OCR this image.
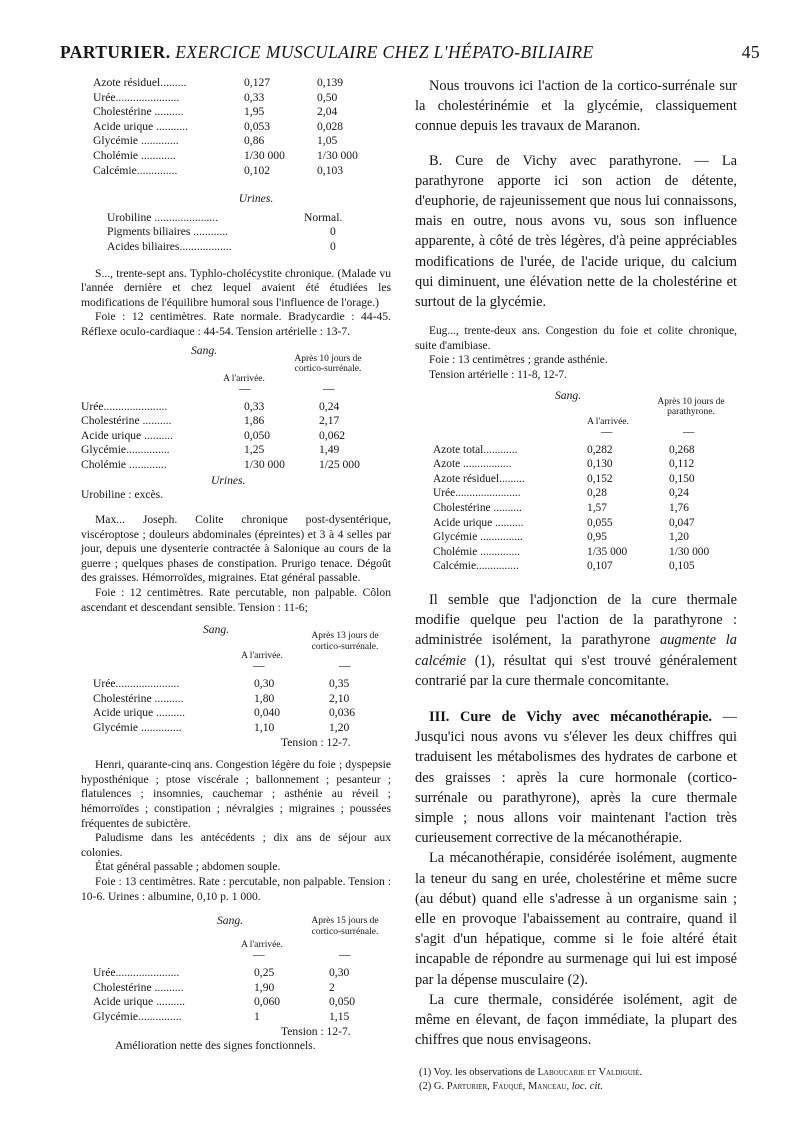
PARTURIER. EXERCICE MUSCULAIRE CHEZ L'HÉPATO-BILIAIRE	45
Azote résiduel.........	0,127	0,139
Urée......................	0,33	0,50
Cholestérine ..........	1,95	2,04
Acide urique ...........	0,053	0,028
Glycémie .............	0,86	1,05
Cholémie ............	1/30 000	1/30 000
Calcémie..............	0,102	0,103
Urines.
Urobiline ......................	Normal.
Pigments biliaires ............	0
Acides biliaires..................	0

S..., trente-sept ans. Typhlo-cholécystite chronique. (Malade vu l'année dernière et chez lequel avaient été étudiées les modifications de l'équilibre humoral sous l'influence de l'orage.)

Foie : 12 centimètres. Rate normale. Bradycardie : 44-45. Réflexe oculo-cardiaque : 44-54. Tension artérielle : 13-7.

Sang.
A l'arrivée.
Après 10 jours de cortico-surrénale.
—	—
Urée......................	0,33	0,24
Cholestérine ..........	1,86	2,17
Acide urique ..........	0,050	0,062
Glycémie...............	1,25	1,49
Cholémie .............	1/30 000	1/25 000
Urines.
Urobiline : excès.

Max... Joseph. Colite chronique post-dysentérique, viscéroptose ; douleurs abdominales (épreintes) et 3 à 4 selles par jour, depuis une dysenterie contractée à Salonique au cours de la guerre ; quelques phases de constipation. Prurigo tenace. Dégoût des graisses. Hémorroïdes, migraines. Etat général passable.

Foie : 12 centimètres. Rate percutable, non palpable. Côlon ascendant et descendant sensible. Tension : 11-6;

Sang.
A l'arrivée.
Après 13 jours de cortico-surrénale.
—	—
Urée......................	0,30	0,35
Cholestérine ..........	1,80	2,10
Acide urique ..........	0,040	0,036
Glycémie ..............	1,10	1,20
Tension : 12-7.

Henri, quarante-cinq ans. Congestion légère du foie ; dyspepsie hyposthénique ; ptose viscérale ; ballonnement ; pesanteur ; flatulences ; insomnies, cauchemar ; asthénie au réveil ; hémorroïdes ; constipation ; névralgies ; migraines ; poussées fréquentes de subictère.

Paludisme dans les antécédents ; dix ans de séjour aux colonies.

État général passable ; abdomen souple.

Foie : 13 centimètres. Rate : percutable, non palpable. Tension : 10-6. Urines : albumine, 0,10 p. 1 000.

Sang.
A l'arrivée.
Après 15 jours de cortico-surrénale.
—	—
Urée......................	0,25	0,30
Cholestérine ..........	1,90	2
Acide urique ..........	0,060	0,050
Glycémie...............	1	1,15
Tension : 12-7.
Amélioration nette des signes fonctionnels.

Nous trouvons ici l'action de la cortico-surrénale sur la cholestérinémie et la glycémie, classiquement connue depuis les travaux de Maranon.

B. Cure de Vichy avec parathyrone. — La parathyrone apporte ici son action de détente, d'euphorie, de rajeunissement que nous lui connaissons, mais en outre, nous avons vu, sous son influence apparente, à côté de très légères, d'à peine appréciables modifications de l'urée, de l'acide urique, du calcium qui diminuent, une élévation nette de la cholestérine et surtout de la glycémie.

Eug..., trente-deux ans. Congestion du foie et colite chronique, suite d'amibiase.

Foie : 13 centimètres ; grande asthénie.

Tension artérielle : 11-8, 12-7.

Sang.
A l'arrivée.
Après 10 jours de parathyrone.
—	—
Azote total............	0,282	0,268
Azote .................	0,130	0,112
Azote résiduel.........	0,152	0,150
Urée.......................	0,28	0,24
Cholestérine ..........	1,57	1,76
Acide urique ..........	0,055	0,047
Glycémie ...............	0,95	1,20
Cholémie ..............	1/35 000	1/30 000
Calcémie...............	0,107	0,105

Il semble que l'adjonction de la cure thermale modifie quelque peu l'action de la parathyrone : administrée isolément, la parathyrone augmente la calcémie (1), résultat qui s'est trouvé généralement contrarié par la cure thermale concomitante.

III. Cure de Vichy avec mécanothérapie. — Jusqu'ici nous avons vu s'élever les deux chiffres qui traduisent les métabolismes des hydrates de carbone et des graisses : après la cure hormonale (cortico-surrénale ou parathyrone), après la cure thermale simple ; nous allons voir maintenant l'action très curieusement corrective de la mécanothérapie.

La mécanothérapie, considérée isolément, augmente la teneur du sang en urée, cholestérine et même sucre (au début) quand elle s'adresse à un organisme sain ; elle en provoque l'abaissement au contraire, quand il s'agit d'un hépatique, comme si le foie altéré était incapable de répondre au surmenage qui lui est imposé par la dépense musculaire (2).

La cure thermale, considérée isolément, agit de même en élevant, de façon immédiate, la plupart des chiffres que nous envisageons.

(1) Voy. les observations de Laboucarie et Valdiguié.
(2) G. Parturier, Fauqué, Manceau, loc. cit.
